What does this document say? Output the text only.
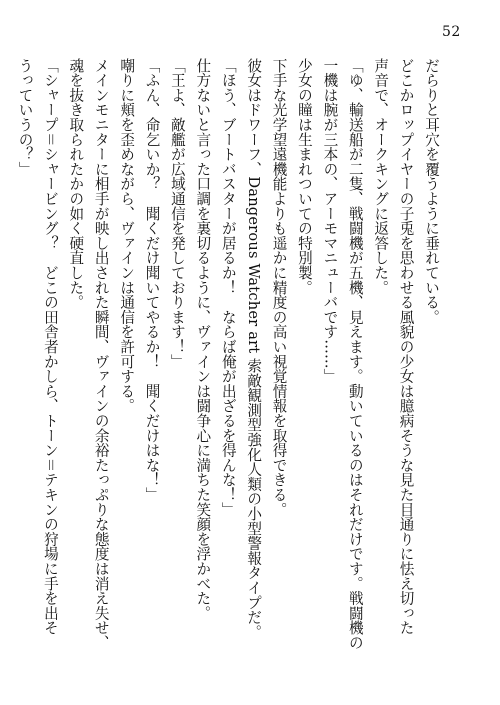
52
だらりと耳穴を覆うように垂れている。
どこかロップイヤーの子兎を思わせる風貌の少女は臆病そうな見た目通りに怯え切った
声音で、オークキングに返答した。
「ゆ、輸送船が二隻、戦闘機が五機、見えます。動いているのはそれだけです。戦闘機の
一機は腕が三本の、アーモマニューバです……」
少女の瞳は生まれついての特別製。
下手な光学望遠機能よりも遥かに精度の高い視覚情報を取得できる。
彼女はドワーフ、Dangerous Watcher art 索敵観測型強化人類の小型警報タイプだ。
「ほう、ブートバスターが居るか！　ならば俺が出ざるを得んな！」
仕方ないと言った口調を裏切るように、ヴァインは闘争心に満ちた笑顔を浮かべた。
「王よ、敵艦が広域通信を発しております！」
「ふん、命乞いか？　聞くだけ聞いてやるか！　聞くだけはな！」
嘲りに頬を歪めながら、ヴァインは通信を許可する。
メインモニターに相手が映し出された瞬間、ヴァインの余裕たっぷりな態度は消え失せ、
魂を抜き取られたかの如く硬直した。
「シャープ＝シャービング？　どこの田舎者かしら、トーン＝テキンの狩場に手を出そ
うっていうの？」
